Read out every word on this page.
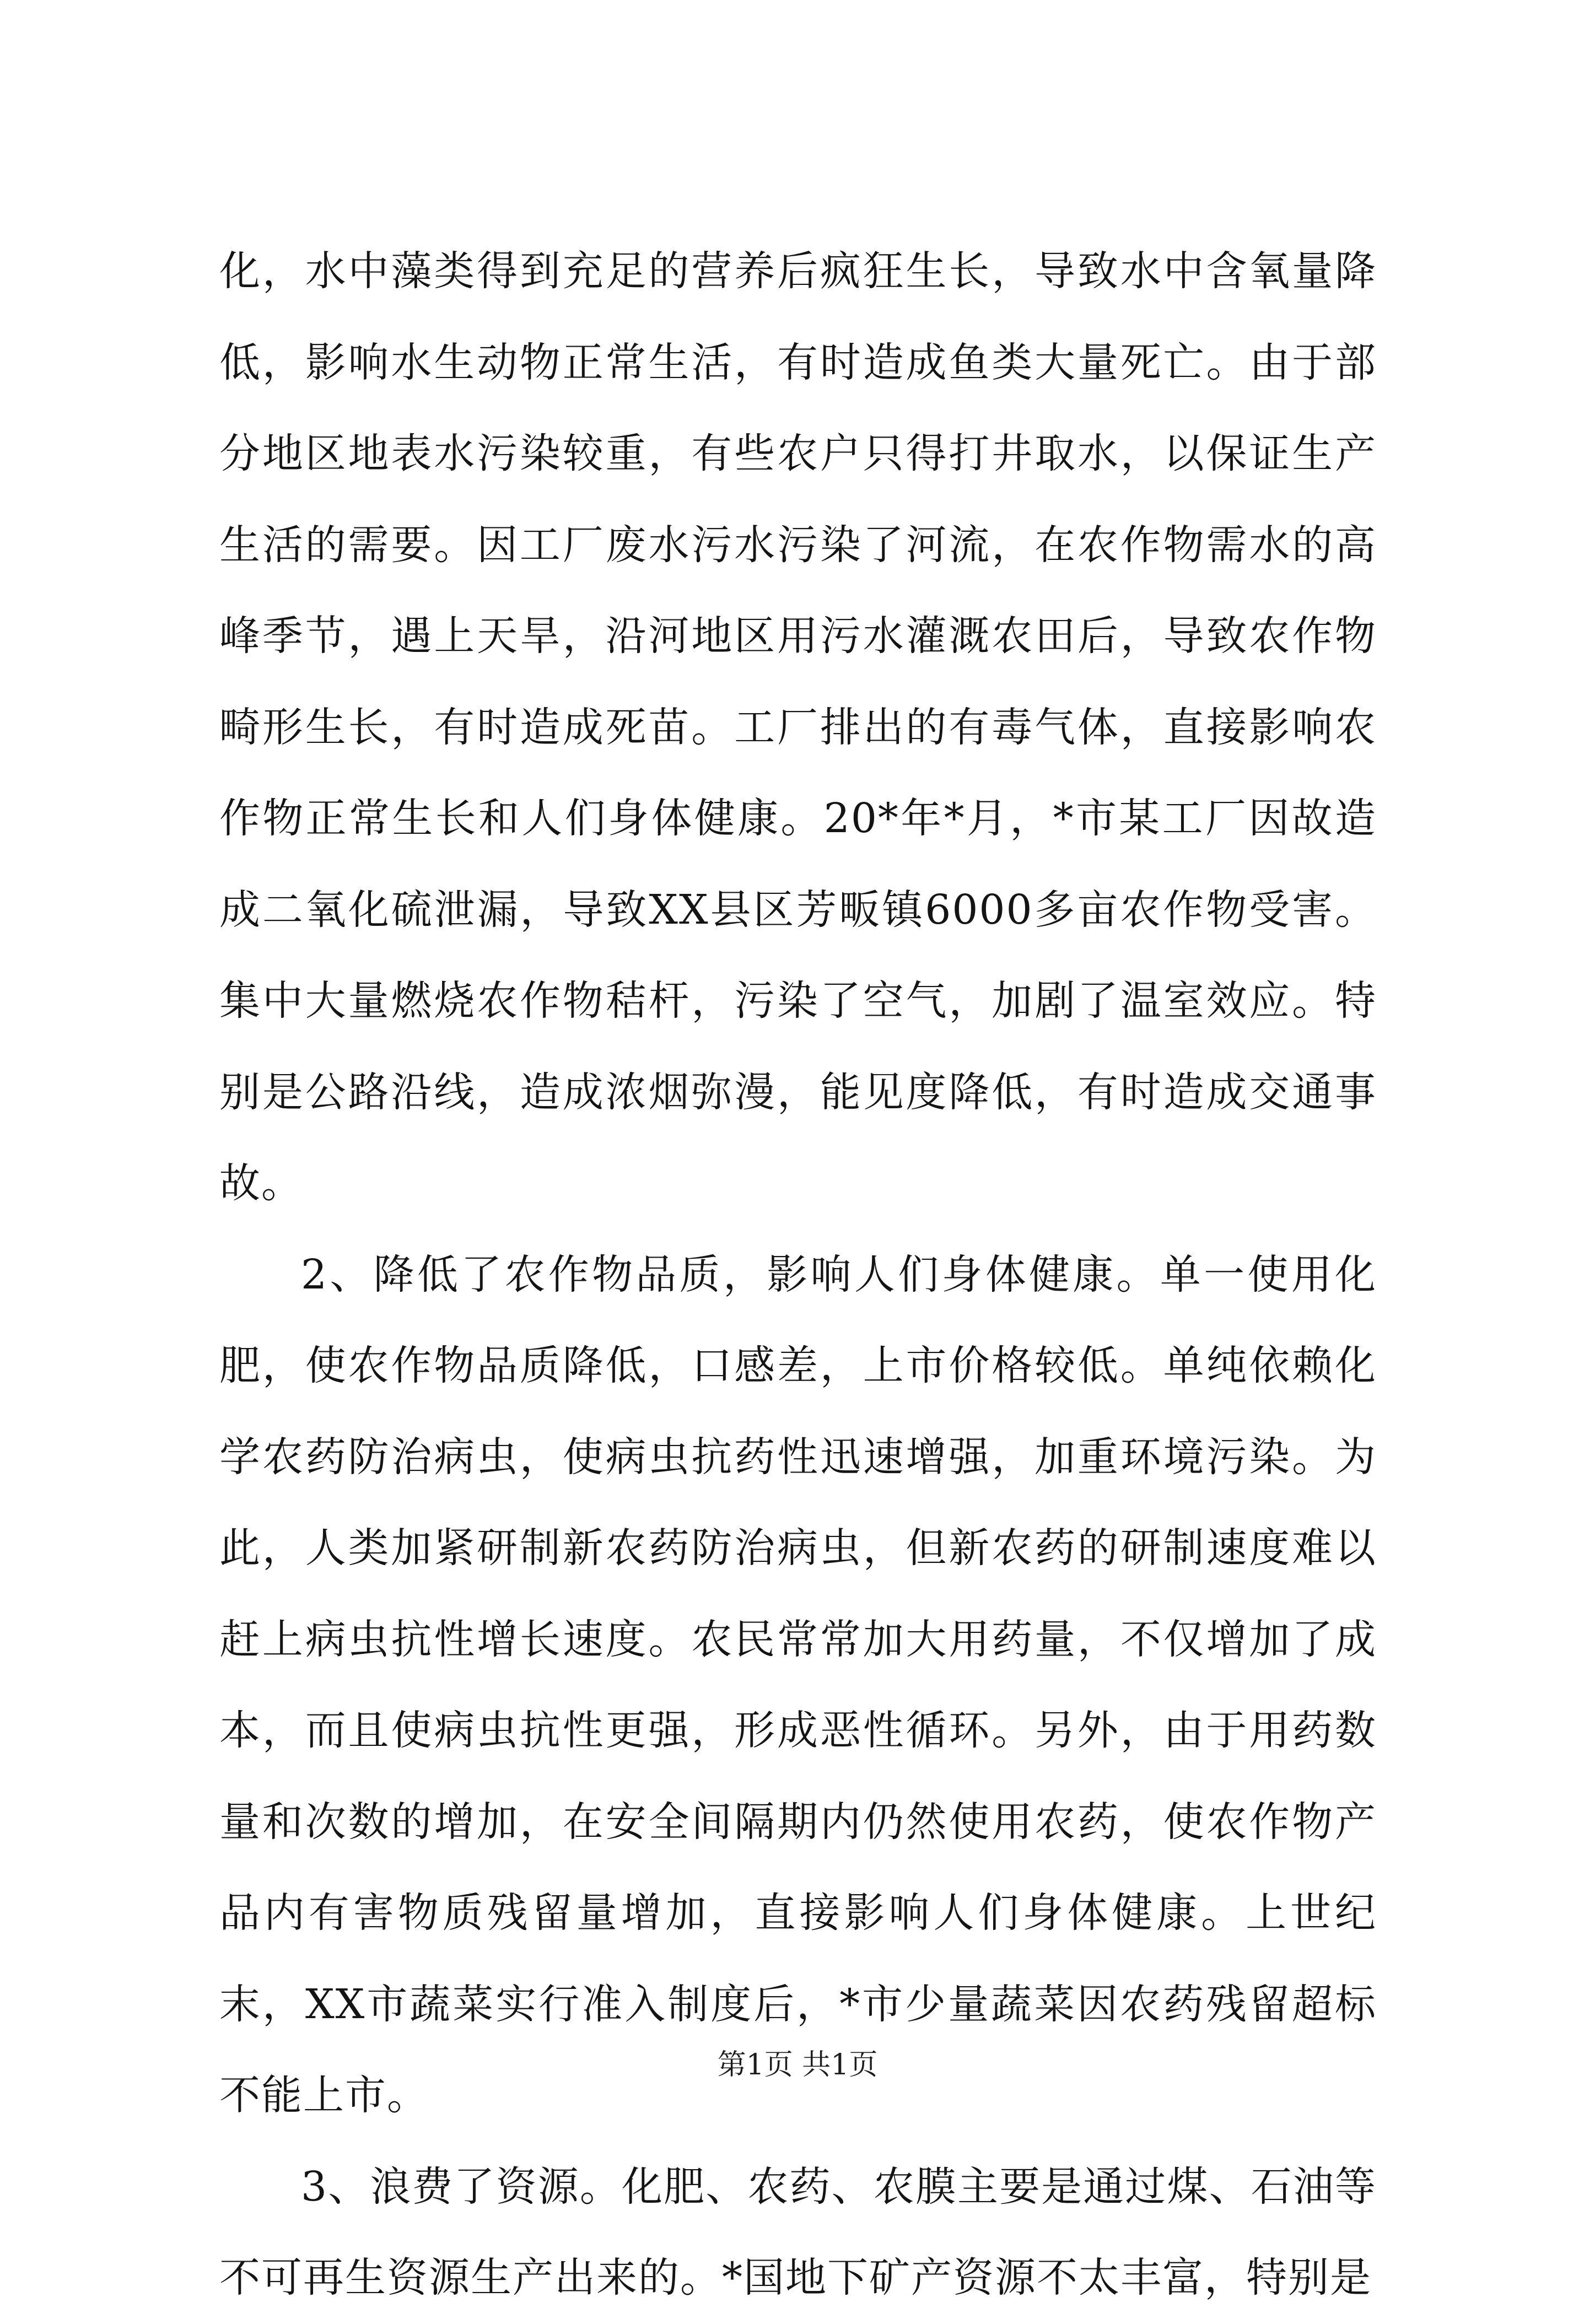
化，水中藻类得到充足的营养后疯狂生长，导致水中含氧量降低，影响水生动物正常生活，有时造成鱼类大量死亡。由于部分地区地表水污染较重，有些农户只得打井取水，以保证生产生活的需要。因工厂废水污水污染了河流，在农作物需水的高峰季节，遇上天旱，沿河地区用污水灌溉农田后，导致农作物畸形生长，有时造成死苗。工厂排出的有毒气体，直接影响农作物正常生长和人们身体健康。20*年*月，*市某工厂因故造成二氧化硫泄漏，导致XX县区芳畈镇6000多亩农作物受害。集中大量燃烧农作物秸杆，污染了空气，加剧了温室效应。特别是公路沿线，造成浓烟弥漫，能见度降低，有时造成交通事故。

2、降低了农作物品质，影响人们身体健康。单一使用化肥，使农作物品质降低，口感差，上市价格较低。单纯依赖化学农药防治病虫，使病虫抗药性迅速增强，加重环境污染。为此，人类加紧研制新农药防治病虫，但新农药的研制速度难以赶上病虫抗性增长速度。农民常常加大用药量，不仅增加了成本，而且使病虫抗性更强，形成恶性循环。另外，由于用药数量和次数的增加，在安全间隔期内仍然使用农药，使农作物产品内有害物质残留量增加，直接影响人们身体健康。上世纪末，XX市蔬菜实行准入制度后，*市少量蔬菜因农药残留超标不能上市。

3、浪费了资源。化肥、农药、农膜主要是通过煤、石油等不可再生资源生产出来的。*国地下矿产资源不太丰富，特别是

第1页 共1页
